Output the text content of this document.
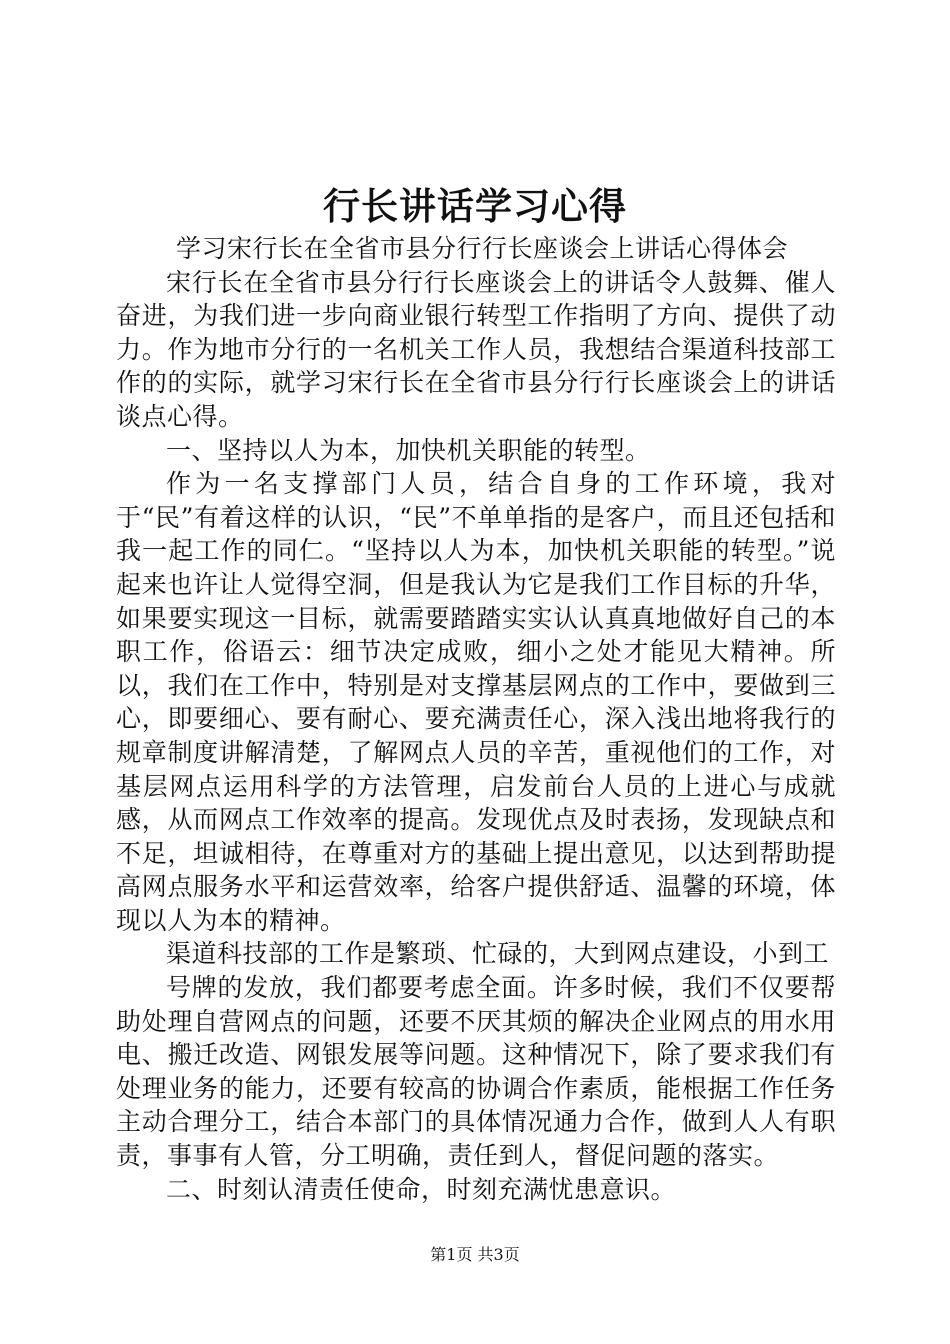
行长讲话学习心得

学习宋行长在全省市县分行行长座谈会上讲话心得体会

宋行长在全省市县分行行长座谈会上的讲话令人鼓舞、催人奋进，为我们进一步向商业银行转型工作指明了方向、提供了动力。作为地市分行的一名机关工作人员，我想结合渠道科技部工作的的实际，就学习宋行长在全省市县分行行长座谈会上的讲话谈点心得。

一、坚持以人为本，加快机关职能的转型。

作为一名支撑部门人员，结合自身的工作环境，我对于“民”有着这样的认识，“民”不单单指的是客户，而且还包括和我一起工作的同仁。“坚持以人为本，加快机关职能的转型。”说起来也许让人觉得空洞，但是我认为它是我们工作目标的升华，如果要实现这一目标，就需要踏踏实实认认真真地做好自己的本职工作，俗语云：细节决定成败，细小之处才能见大精神。所以，我们在工作中，特别是对支撑基层网点的工作中，要做到三心，即要细心、要有耐心、要充满责任心，深入浅出地将我行的规章制度讲解清楚，了解网点人员的辛苦，重视他们的工作，对基层网点运用科学的方法管理，启发前台人员的上进心与成就感，从而网点工作效率的提高。发现优点及时表扬，发现缺点和不足，坦诚相待，在尊重对方的基础上提出意见，以达到帮助提高网点服务水平和运营效率，给客户提供舒适、温馨的环境，体现以人为本的精神。

渠道科技部的工作是繁琐、忙碌的，大到网点建设，小到工

号牌的发放，我们都要考虑全面。许多时候，我们不仅要帮助处理自营网点的问题，还要不厌其烦的解决企业网点的用水用电、搬迁改造、网银发展等问题。这种情况下，除了要求我们有处理业务的能力，还要有较高的协调合作素质，能根据工作任务主动合理分工，结合本部门的具体情况通力合作，做到人人有职责，事事有人管，分工明确，责任到人，督促问题的落实。

二、时刻认清责任使命，时刻充满忧患意识。

第1页 共3页
